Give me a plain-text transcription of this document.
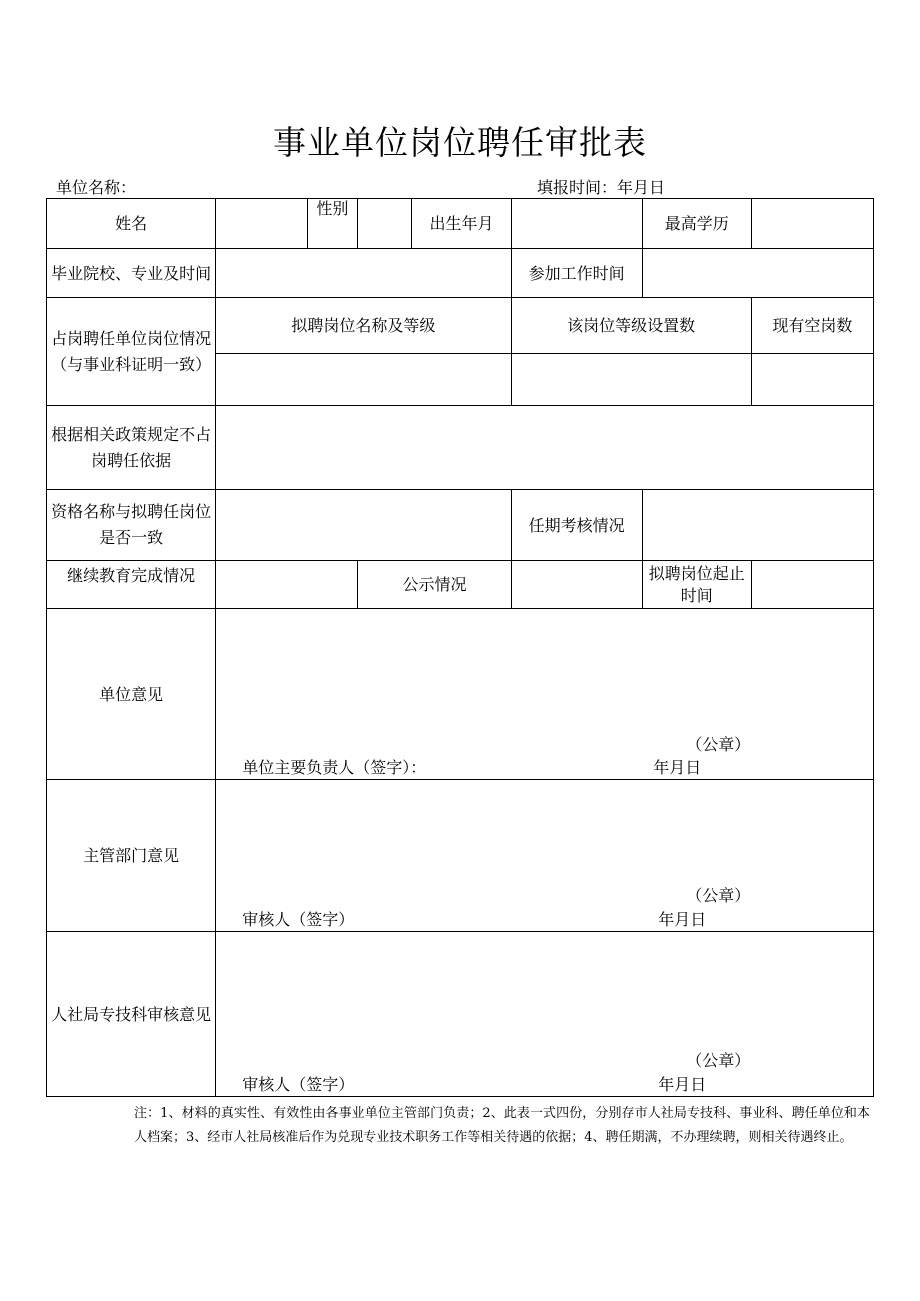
事业单位岗位聘任审批表
单位名称：	填报时间：年月日
姓名		性别		出生年月		最高学历	
毕业院校、专业及时间					参加工作时间		
占岗聘任单位岗位情况（与事业科证明一致）	拟聘岗位名称及等级				该岗位等级设置数		现有空岗数

根据相关政策规定不占岗聘任依据							
资格名称与拟聘任岗位是否一致					任期考核情况		
继续教育完成情况			公示情况			拟聘岗位起止时间	
单位意见	（公章）
单位主要负责人（签字）： 年月日						

主管部门意见	（公章）
审核人（签字） 年月日						

人社局专技科审核意见	（公章）
审核人（签字） 年月日						
注：1、材料的真实性、有效性由各事业单位主管部门负责；2、此表一式四份，分别存市人社局专技科、事业科、聘任单位和本人档案；3、经市人社局核准后作为兑现专业技术职务工作等相关待遇的依据；4、聘任期满，不办理续聘，则相关待遇终止。
